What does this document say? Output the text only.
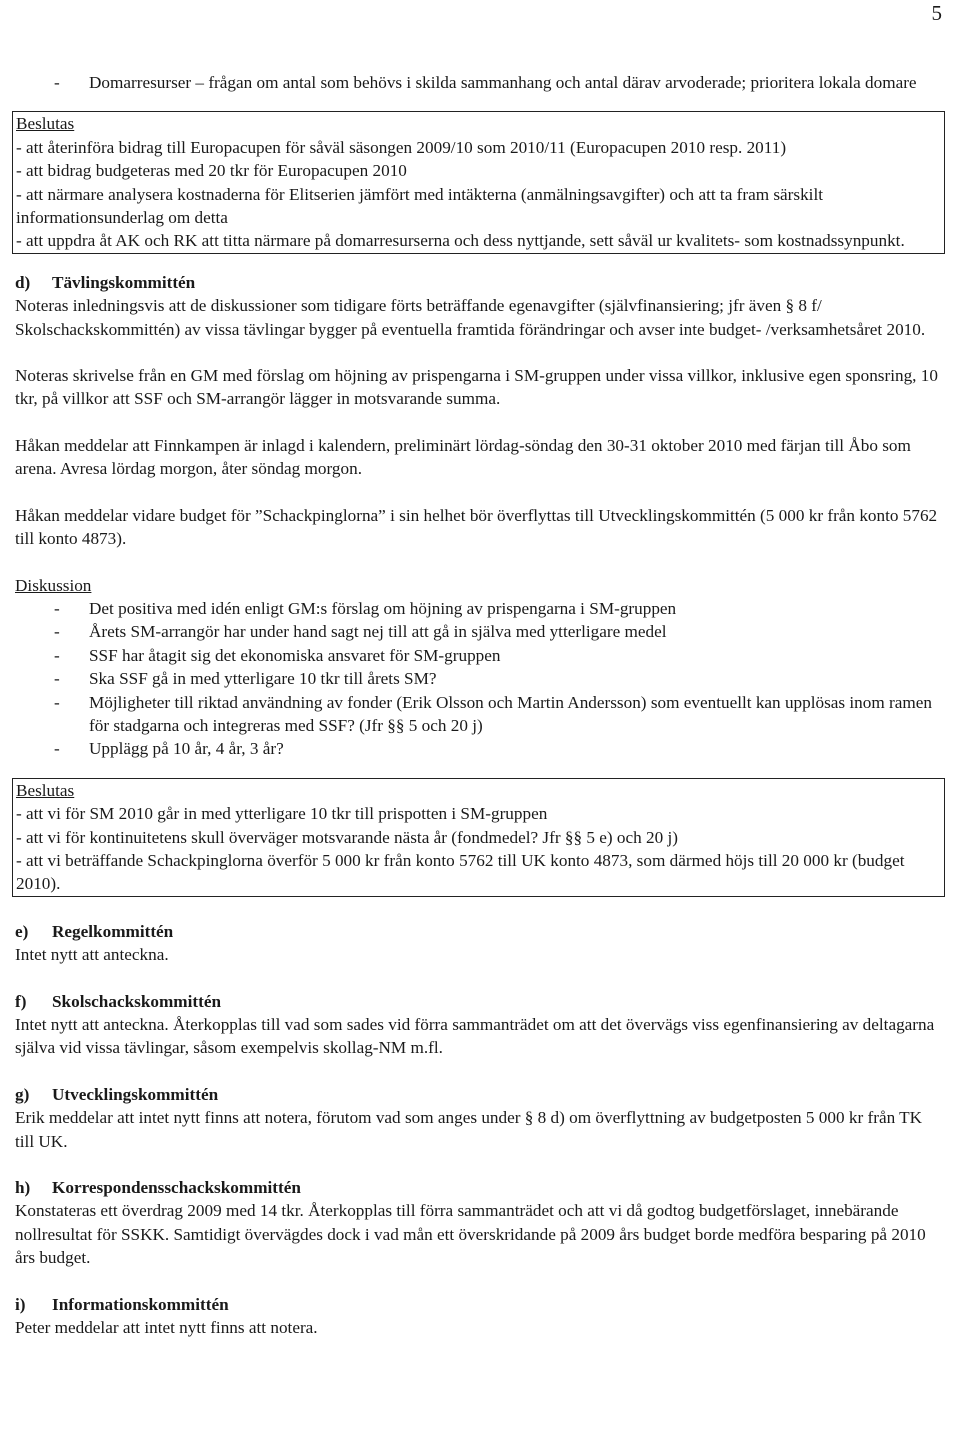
5
-	Domarresurser – frågan om antal som behövs i skilda sammanhang och antal därav arvoderade; prioritera lokala domare
Beslutas
- att återinföra bidrag till Europacupen för såväl säsongen 2009/10 som 2010/11 (Europacupen 2010 resp. 2011)
- att bidrag budgeteras med 20 tkr för Europacupen 2010
- att närmare analysera kostnaderna för Elitserien jämfört med intäkterna (anmälningsavgifter) och att ta fram särskilt informationsunderlag om detta
- att uppdra åt AK och RK att titta närmare på domarresurserna och dess nyttjande, sett såväl ur kvalitets- som kostnadssynpunkt.
d)	Tävlingskommittén

Noteras inledningsvis att de diskussioner som tidigare förts beträffande egenavgifter (självfinansiering; jfr även § 8 f/ Skolschackskommittén) av vissa tävlingar bygger på eventuella framtida förändringar och avser inte budget- /verksamhetsåret 2010.

Noteras skrivelse från en GM med förslag om höjning av prispengarna i SM-gruppen under vissa villkor, inklusive egen sponsring, 10 tkr, på villkor att SSF och SM-arrangör lägger in motsvarande summa.

Håkan meddelar att Finnkampen är inlagd i kalendern, preliminärt lördag-söndag den 30-31 oktober 2010 med färjan till Åbo som arena. Avresa lördag morgon, åter söndag morgon.

Håkan meddelar vidare budget för ”Schackpinglorna” i sin helhet bör överflyttas till Utvecklingskommittén (5 000 kr från konto 5762 till konto 4873).

Diskussion
-	Det positiva med idén enligt GM:s förslag om höjning av prispengarna i SM-gruppen
-	Årets SM-arrangör har under hand sagt nej till att gå in själva med ytterligare medel
-	SSF har åtagit sig det ekonomiska ansvaret för SM-gruppen
-	Ska SSF gå in med ytterligare 10 tkr till årets SM?
-	Möjligheter till riktad användning av fonder (Erik Olsson och Martin Andersson) som eventuellt kan upplösas inom ramen för stadgarna och integreras med SSF? (Jfr §§ 5 och 20 j)
-	Upplägg på 10 år, 4 år, 3 år?
Beslutas
- att vi för SM 2010 går in med ytterligare 10 tkr till prispotten i SM-gruppen
- att vi för kontinuitetens skull överväger motsvarande nästa år (fondmedel? Jfr §§ 5 e) och 20 j)
- att vi beträffande Schackpinglorna överför 5 000 kr från konto 5762 till UK konto 4873, som därmed höjs till 20 000 kr (budget 2010).
e)	Regelkommittén

Intet nytt att anteckna.

f)	Skolschackskommittén

Intet nytt att anteckna. Återkopplas till vad som sades vid förra sammanträdet om att det övervägs viss egenfinansiering av deltagarna själva vid vissa tävlingar, såsom exempelvis skollag-NM m.fl.

g)	Utvecklingskommittén

Erik meddelar att intet nytt finns att notera, förutom vad som anges under § 8 d) om överflyttning av budgetposten 5 000 kr från TK till UK.

h)	Korrespondensschackskommittén

Konstateras ett överdrag 2009 med 14 tkr. Återkopplas till förra sammanträdet och att vi då godtog budgetförslaget, innebärande nollresultat för SSKK. Samtidigt övervägdes dock i vad mån ett överskridande på 2009 års budget borde medföra besparing på 2010 års budget.

i)	Informationskommittén

Peter meddelar att intet nytt finns att notera.
